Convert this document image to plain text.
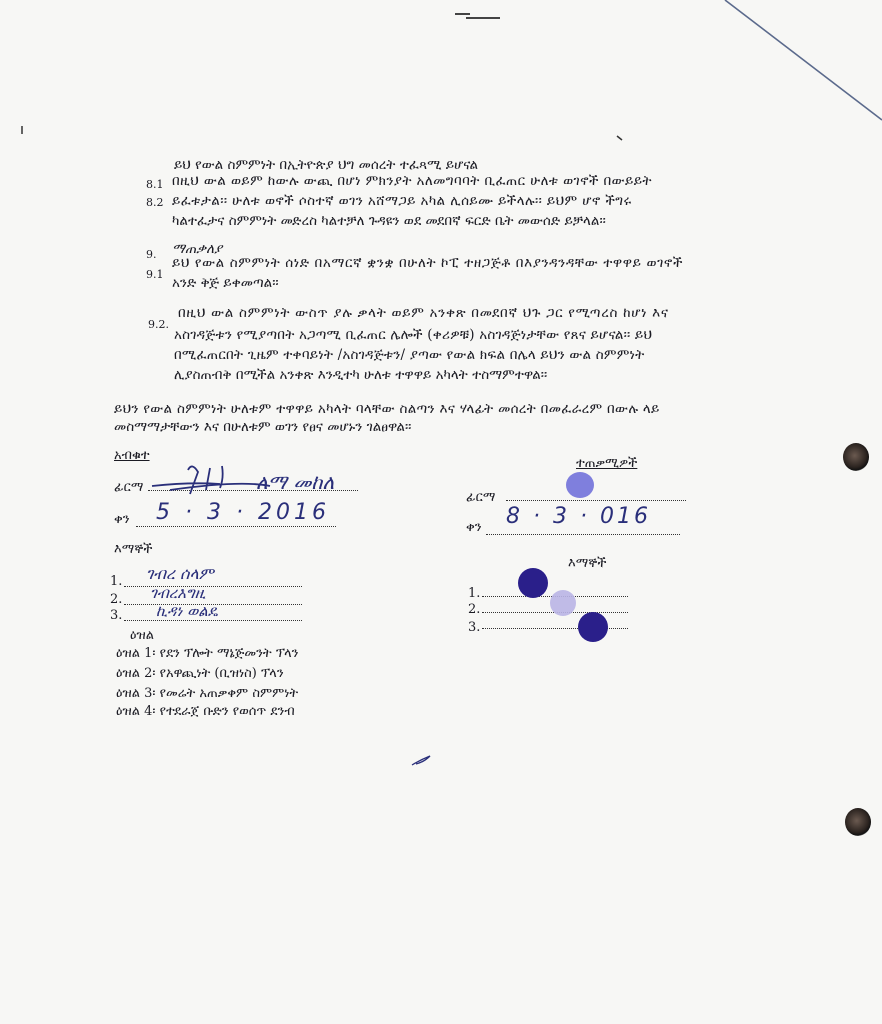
8.1
ይህ የውል ስምምነት በኢትዮጵያ ህግ መሰረት ተፈጻሚ ይሆናል
8.2
በዚህ ውል ወይም ከውሉ ውጪ በሆነ ምክንያት አለመግባባት ቢፈጠር ሁለቱ ወገኖች በውይይት
ይፈቱታል፡፡ ሁለቱ ወኖች ሶስተኛ ወገን አሸማጋይ አካል ሊሰይሙ ይችላሉ፡፡ ይህም ሆኖ ችግሩ
ካልተፈታና ስምምነት መድረስ ካልተቻለ ጉዳዩን ወደ መደበኛ ፍርድ ቤት መውሰድ ይቻላል፡፡
9. ማጠቃለያ
9.1
ይህ የውል ስምምነት ሰነድ በአማርኛ ቋንቋ በሁለት ኮፒ ተዘጋጅቶ በእያንዳንዳቸው ተዋዋይ ወገኖች
አንድ ቅጅ ይቀመጣል፡፡
9.2.
በዚህ ውል ስምምነት ውስጥ ያሉ ቃላት ወይም አንቀጽ በመደበኛ ህጉ ጋር የሚጣረስ ከሆነ እና
አስገዳጅቱን የሚያጣበት አጋጣሚ ቢፈጠር ሌሎች (ቀሪዎቹ) አስገዳጅነታቸው የጸና ይሆናል፡፡ ይህ
በሚፈጠርበት ጊዜም ተቀባይነት /አስገዳጅቱን/ ያጣው የውል ክፍል በሌላ ይህን ውል ስምምነት
ሊያስጠብቅ በሚችል አንቀጽ እንዲተካ ሁለቱ ተዋዋይ አካላት ተስማምተዋል፡፡
ይህን የውል ስምምነት ሁለቱም ተዋዋይ አካላት ባላቸው ስልጣን እና ሃላፊት መሰረት በመፈራረም በውሉ ላይ
መስማማታቸውን እና በሁለቱም ወገን የፀና መሆኑን ገልፀዋል፡፡
አብቁተ
ፊርማ	ለማ መከለ
ቀን 5 · 3 · 2016
እማኞች
1. ገብረ ሰላም
2. ገብረእግዚ
3. ኪዳነ ወልዴ
ተጠቃሚዎች
ፊርማ
ቀን 8 · 3 · 016
እማኞች
1.
2.
3.
ዕዝል
ዕዝል 1፡ የደን ፕሎት ማኔጅመንት ፕላን
ዕዝል 2፡ የአዋጪነት (ቢዝነስ) ፕላን
ዕዝል 3፡ የመሬት አጠቃቀም ስምምነት
ዕዝል 4፡ የተደራጀ ቡድን የወሰጥ ደንብ
